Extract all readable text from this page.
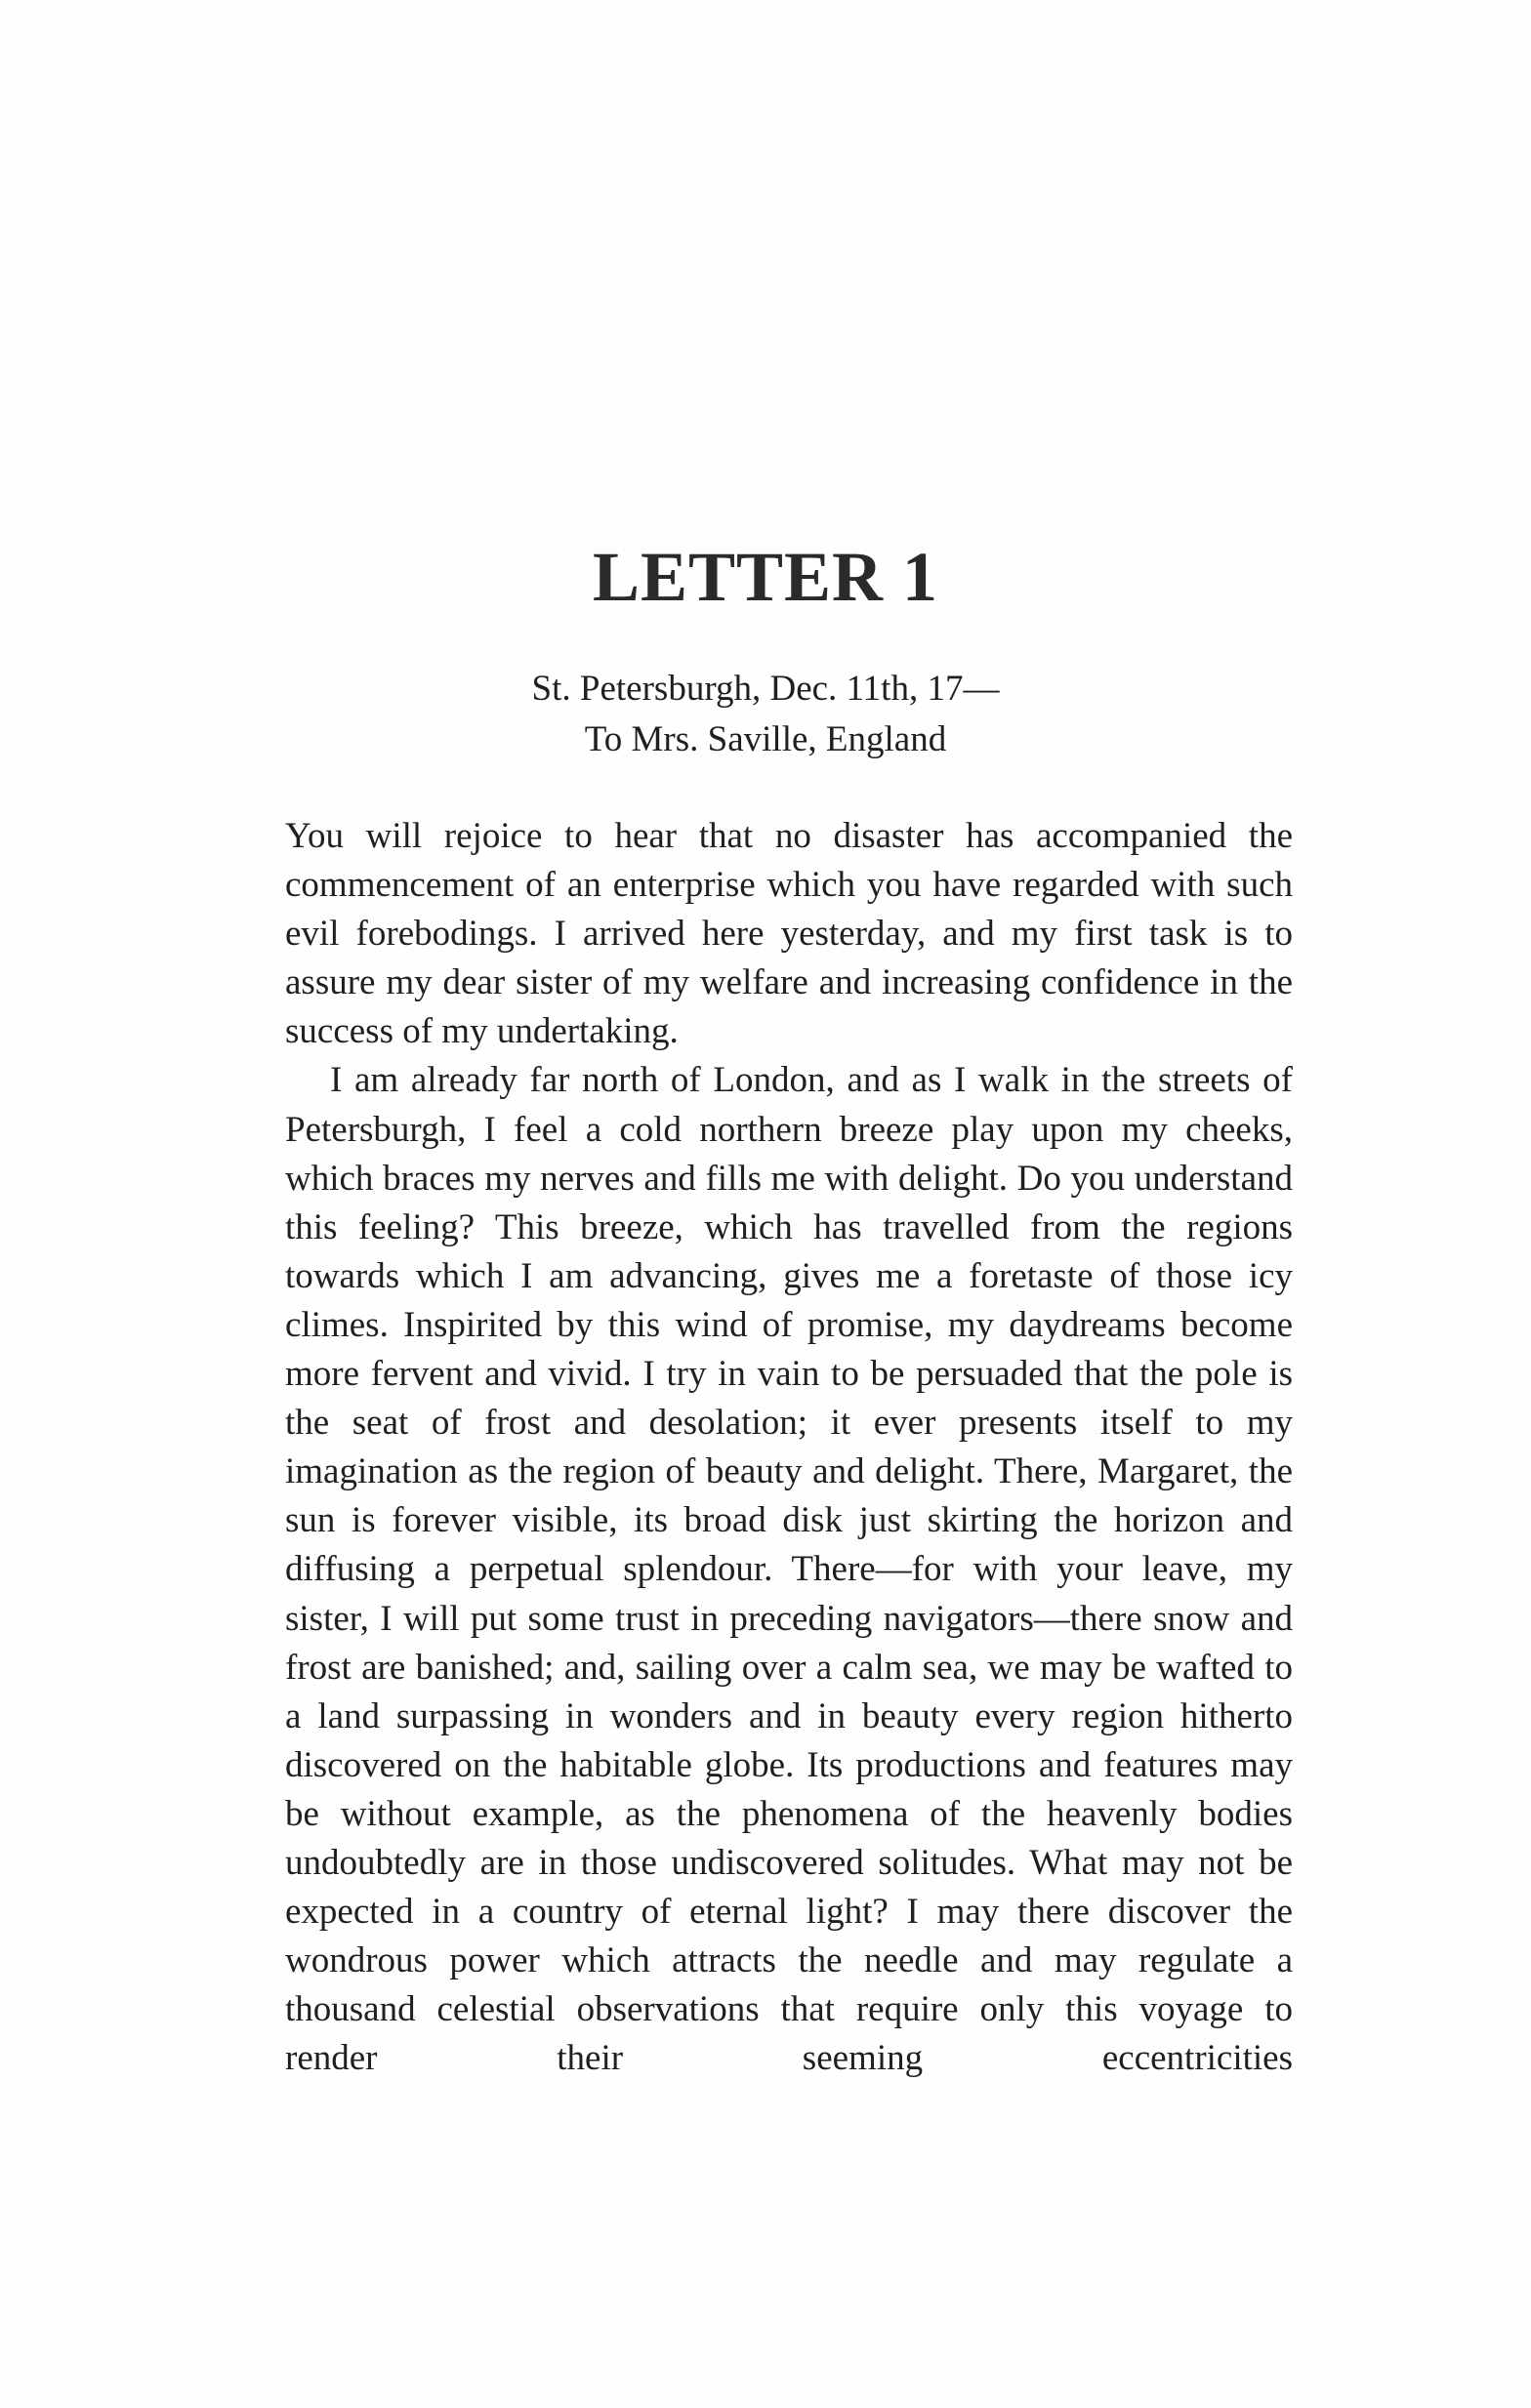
LETTER 1
St. Petersburgh, Dec. 11th, 17—
To Mrs. Saville, England

You will rejoice to hear that no disaster has accompanied the commencement of an enterprise which you have regarded with such evil forebodings. I arrived here yesterday, and my first task is to assure my dear sister of my welfare and increasing confidence in the success of my undertaking.

I am already far north of London, and as I walk in the streets of Petersburgh, I feel a cold northern breeze play upon my cheeks, which braces my nerves and fills me with delight. Do you understand this feeling? This breeze, which has travelled from the regions towards which I am advancing, gives me a foretaste of those icy climes. Inspirited by this wind of promise, my daydreams become more fervent and vivid. I try in vain to be persuaded that the pole is the seat of frost and desolation; it ever presents itself to my imagination as the region of beauty and delight. There, Margaret, the sun is forever visible, its broad disk just skirting the horizon and diffusing a perpetual splendour. There—for with your leave, my sister, I will put some trust in preceding navigators—there snow and frost are banished; and, sailing over a calm sea, we may be wafted to a land surpassing in wonders and in beauty every region hitherto discovered on the habitable globe. Its productions and features may be without example, as the phenomena of the heavenly bodies undoubtedly are in those undiscovered solitudes. What may not be expected in a country of eternal light? I may there discover the wondrous power which attracts the needle and may regulate a thousand celestial observations that require only this voyage to render their seeming eccentricities
